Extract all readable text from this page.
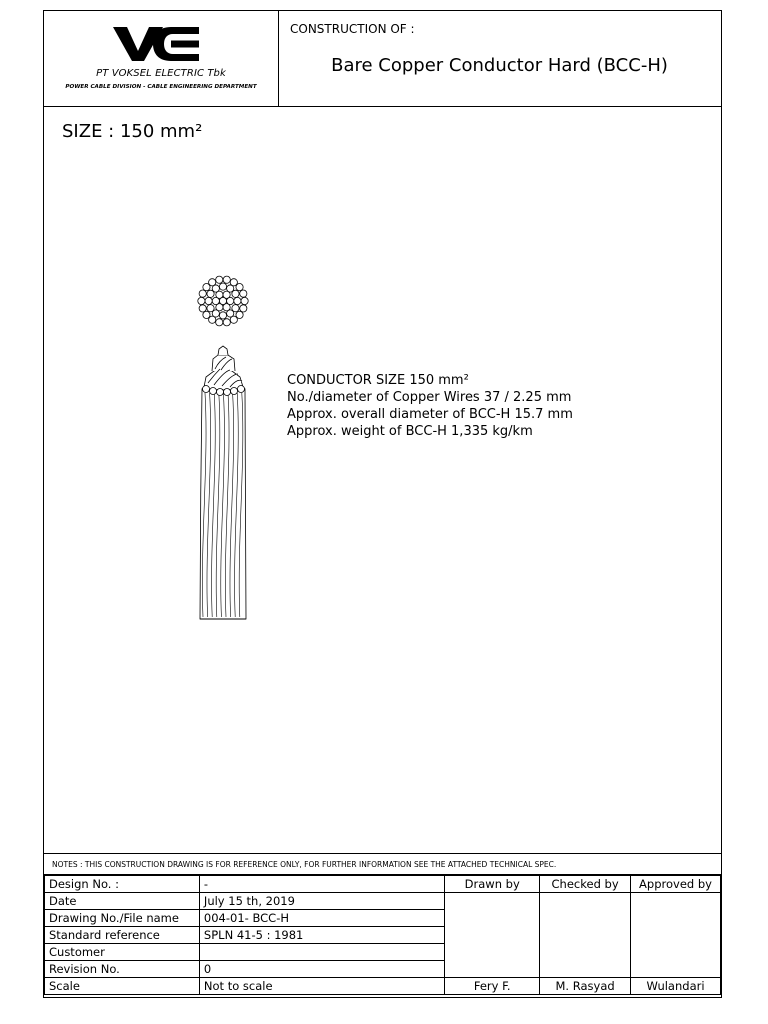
PT VOKSEL ELECTRIC Tbk
POWER CABLE DIVISION - CABLE ENGINEERING DEPARTMENT
CONSTRUCTION OF :
Bare Copper Conductor Hard (BCC-H)
SIZE : 150 mm²
CONDUCTOR SIZE 150 mm²
No./diameter of Copper Wires 37 / 2.25 mm
Approx. overall diameter of BCC-H 15.7 mm
Approx. weight of BCC-H 1,335 kg/km
NOTES : THIS CONSTRUCTION DRAWING IS FOR REFERENCE ONLY, FOR FURTHER INFORMATION SEE THE ATTACHED TECHNICAL SPEC.
Design No. :	-	Drawn by	Checked by	Approved by
Date	July 15 th, 2019			
Drawing No./File name	004-01- BCC-H			
Standard reference	SPLN 41-5 : 1981			
Customer				
Revision No.	0			
Scale	Not to scale	Fery F.	M. Rasyad	Wulandari
